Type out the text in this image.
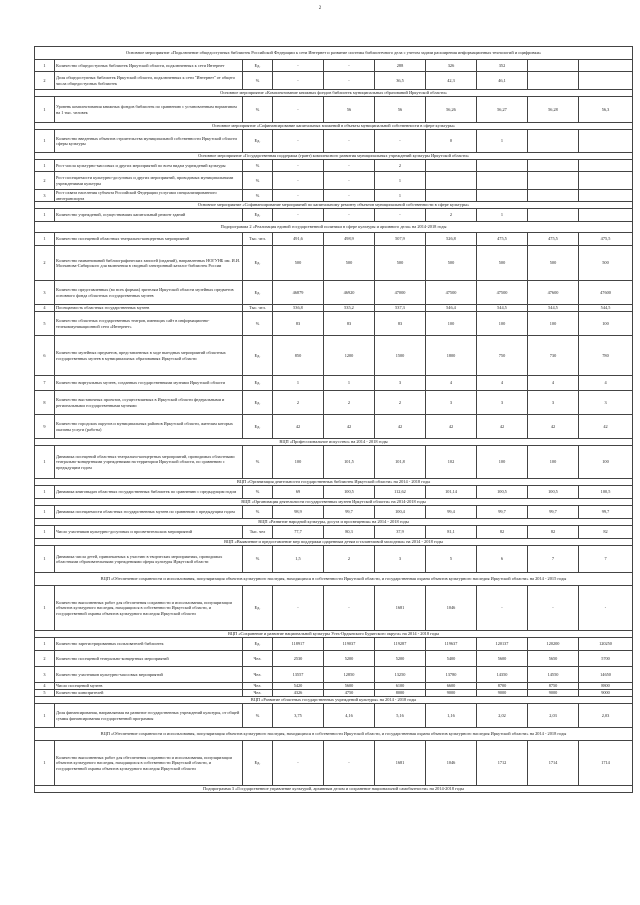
2
Основное мероприятие «Подключение общедоступных библиотек Российской Федерации к сети Интернет и развитие системы библиотечного дела с учетом задачи расширения информационных технологий и оцифровки»									
1	Количество общедоступных библиотек Иркутской области, подключенных к сети Интернет	Ед.	-	-	288	326	352		
2	Доля общедоступных библиотек Иркутской области, подключенных к сети "Интернет" от общего числа общедоступных библиотек	%	-	-	36,5	42,3	46,1		
Основное мероприятие «Комплектование книжных фондов библиотек муниципальных образований Иркутской области»									
1	Уровень комплектования книжных фондов библиотек по сравнению с установленным нормативом на 1 тыс. человек	%	-	56	56	56,26	56,27	56,28	56,3
Основное мероприятие «Софинансирование капитальных вложений в объекты муниципальной собственности в сфере культуры»									
1	Количество введенных объектов строительства муниципальной собственности Иркутской области сферы культуры	Ед.	-	-	-	0	1		
Основное мероприятие «Государственная поддержка (грант) комплексного развития муниципальных учреждений культуры Иркутской области»									
1	Рост числа культурно-массовых и других мероприятий по всем видам учреждений культуры	%	-	-	2				
2	Рост посещаемости культурно-досуговых и других мероприятий, проводимых муниципальными учреждениями культуры	%	-	-	1				
3	Рост охвата населения субъекта Российской Федерации услугами специализированного автотранспорта	%	-	-	1				
Основное мероприятие «Софинансирование мероприятий по капитальному ремонту объектов муниципальной собственности в сфере культуры»									
1	Количество учреждений, осуществивших капитальный ремонт зданий	Ед.	-	-	-	2	1		
Подпрограмма 2 «Реализация единой государственной политики в сфере культуры и архивного дела» на 2014-2018 годы									
1	Количество посещений областных театрально-концертных мероприятий	Тыс. чел.	491,6	498,9	507,9	526,8	475,5	475,5	475,5
2	Количество наименований библиографических записей (изданий), направленных НОГУНБ им. И.И. Молчанова-Сибирского для включения в сводный электронный каталог библиотек России	Ед.	500	500	500	500	500	500	500
3	Количество представленных (во всех формах) зрителям Иркутской области музейных предметов основного фонда областных государственных музеев	Ед.	46879	46920	47000	47500	47500	47600	47600
4	Посещаемость областных государственных музеев	Тыс. чел.	536,8	535,2	537,3	546,4	544,5	544,5	544,5
5	Количество областных государственных театров, имеющих сайт в информационно-телекоммуникационной сети «Интернет»	%	83	83	83	100	100	100	100
6	Количество музейных предметов, представленных в ходе выездных мероприятий областных государственных музеев в муниципальных образованиях Иркутской области	Ед.	850	1200	1500	1800	750	730	780
7	Количество виртуальных музеев, созданных государственными музеями Иркутской области	Ед.	1	1	3	4	4	4	4
8	Количество выставочных проектов, осуществляемых в Иркутской области федеральными и региональными государственными музеями	Ед.	2	2	2	3	3	3	3
9	Количество городских округов и муниципальных районов Иркутской области, жителям которых оказаны услуги (работы)	Ед.	42	42	42	42	42	42	42
ВЦП «Профессиональное искусство» на 2014 - 2018 годы									
1	Динамика посещений областных театрально-концертных мероприятий, проводимых областными театрально-концертными учреждениями на территории Иркутской области, по сравнению с предыдущим годом	%	100	101,5	101,8	102	100	100	100
ВЦП «Организация деятельности государственных библиотек Иркутской области» на 2014 - 2018 годы									
1	Динамика книговыдач областных государственных библиотек по сравнению с предыдущим годом	%	69	100,5	112,62	101,14	100,5	100,5	100,5
ВЦП «Организация деятельности государственных музеев Иркутской области» на 2014-2018 годы									
1	Динамика посещаемости областных государственных музеев по сравнению с предыдущим годом	%	98,9	99,7	100,4	99,4	99,7	99,7	99,7
ВЦП «Развитие народной культуры, досуга и просвещения» на 2014 - 2018 годы									
1	Число участников культурно-досуговых и просветительских мероприятий	Тыс. чел	77,7	80,3	37,9	81,1	82	82	82
ВЦП «Выявление и предоставление мер поддержки одаренным детям и талантливой молодежи» на 2014 - 2018 годы									
1	Динамика числа детей, привлекаемых к участию в творческих мероприятиях, проводимых областными образовательными учреждениями сферы культуры Иркутской области	%	1,5	2	3	5	6	7	7
ВЦП «Обеспечение сохранности и использования, популяризация объектов культурного наследия, находящихся в собственности Иркутской области, и государственная охрана объектов культурного наследия Иркутской области» на 2014 - 2015 годы									
1	Количество выполненных работ для обеспечения сохранности и использования, популяризации объектов культурного наследия, находящихся в собственности Иркутской области, и государственной охраны объектов культурного наследия Иркутской области	Ед.	-	-	1681	1046	-	-	-
ВЦП «Сохранение и развитие национальной культуры Усть-Ордынского Бурятского округа» на 2014 - 2018 годы									
1	Количество зарегистрированных пользователей библиотек	Ед.	118917	119037	119287	119637	120137	120200	120250
2	Количество посещений театрально-концертных мероприятий	Чел.	2530	5200	5200	5400	5600	5650	5700
3	Количество участников культурно-массовых мероприятий	Чел.	13557	12850	13250	13780	14350	14550	14650
4	Число посещений музеев	Чел.	5420	5600	6100	6600	8700	8750	8800
5	Количество кинозрителей	Чел.	4326	4750	8000	9000	9000	9000	9000
ВЦП «Развитие областных государственных учреждений культуры» на 2014 - 2018 годы									
1	Доля финансирования, направляемая на развитие государственных учреждений культуры, от общей суммы финансирования государственной программы	%	3,75	4,16	5,16	1,16	2,02	2,03	2,03
ВЦП «Обеспечение сохранности и использования, популяризация объектов культурного наследия, находящихся в собственности Иркутской области, и государственная охрана объектов культурного наследия Иркутской области» на 2014 - 2018 годы									
1	Количество выполненных работ для обеспечения сохранности и использования, популяризации объектов культурного наследия, находящихся в собственности Иркутской области, и государственной охраны объектов культурного наследия Иркутской области	Ед.	-	-	1681	1046	1712	1714	1714
Подпрограмма 3 «Государственное управление культурой, архивным делом и сохранение национальной самобытности» на 2014-2018 годы									
